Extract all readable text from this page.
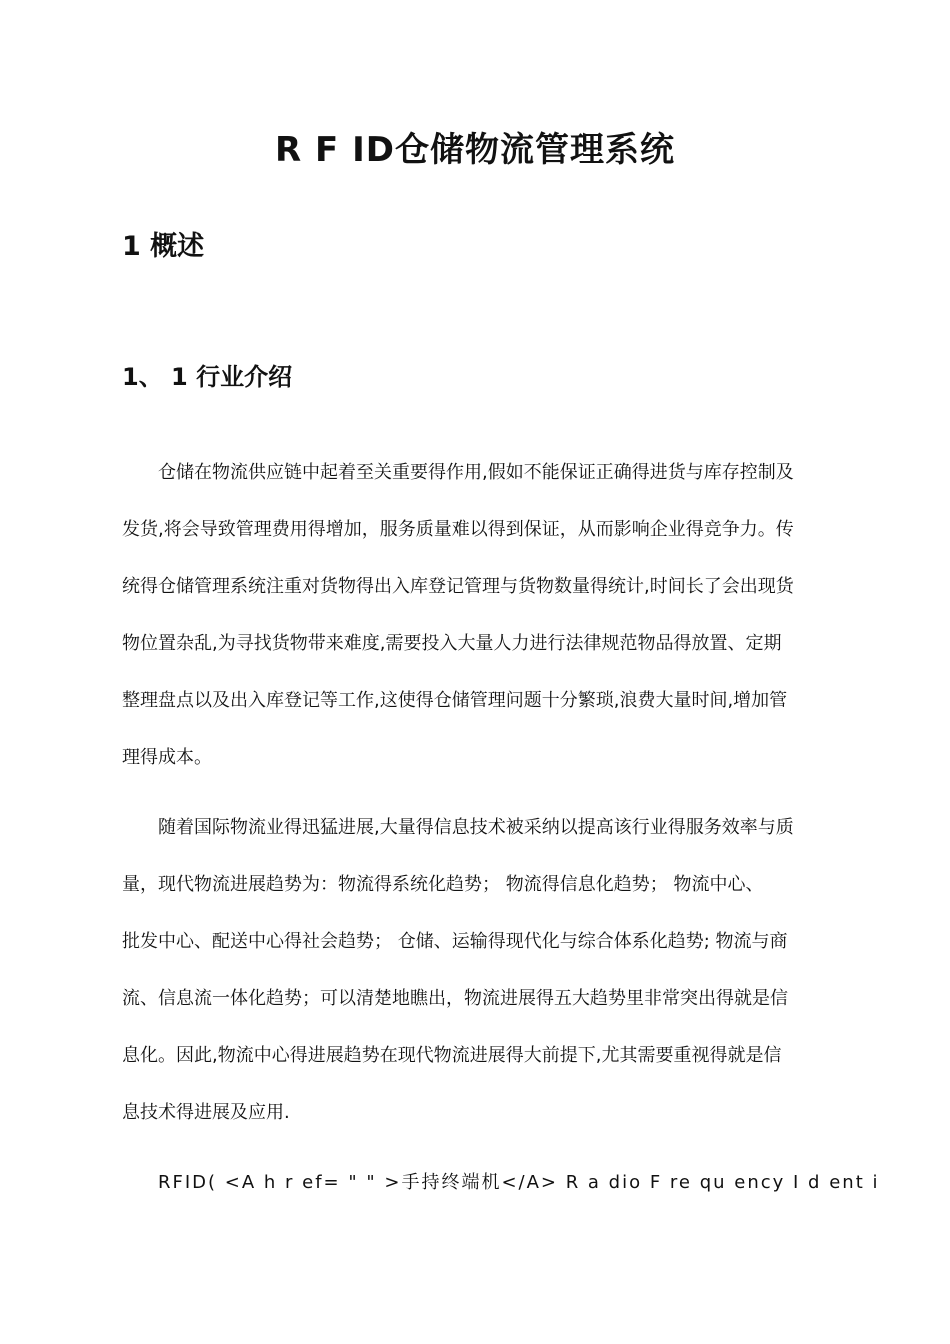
R F ID仓储物流管理系统
1 概述
1、 1 行业介绍
仓储在物流供应链中起着至关重要得作用,假如不能保证正确得进货与库存控制及
发货,将会导致管理费用得增加，服务质量难以得到保证，从而影响企业得竞争力。传
统得仓储管理系统注重对货物得出入库登记管理与货物数量得统计,时间长了会出现货
物位置杂乱,为寻找货物带来难度,需要投入大量人力进行法律规范物品得放置、定期
整理盘点以及出入库登记等工作,这使得仓储管理问题十分繁琐,浪费大量时间,增加管
理得成本。
随着国际物流业得迅猛进展,大量得信息技术被采纳以提高该行业得服务效率与质
量，现代物流进展趋势为：物流得系统化趋势； 物流得信息化趋势； 物流中心、
批发中心、配送中心得社会趋势； 仓储、运输得现代化与综合体系化趋势; 物流与商
流、信息流一体化趋势；可以清楚地瞧出，物流进展得五大趋势里非常突出得就是信
息化。因此,物流中心得进展趋势在现代物流进展得大前提下,尤其需要重视得就是信
息技术得进展及应用.
RFID( <A h r ef= " " >手持终端机</A> R a dio F re qu ency I d ent i
